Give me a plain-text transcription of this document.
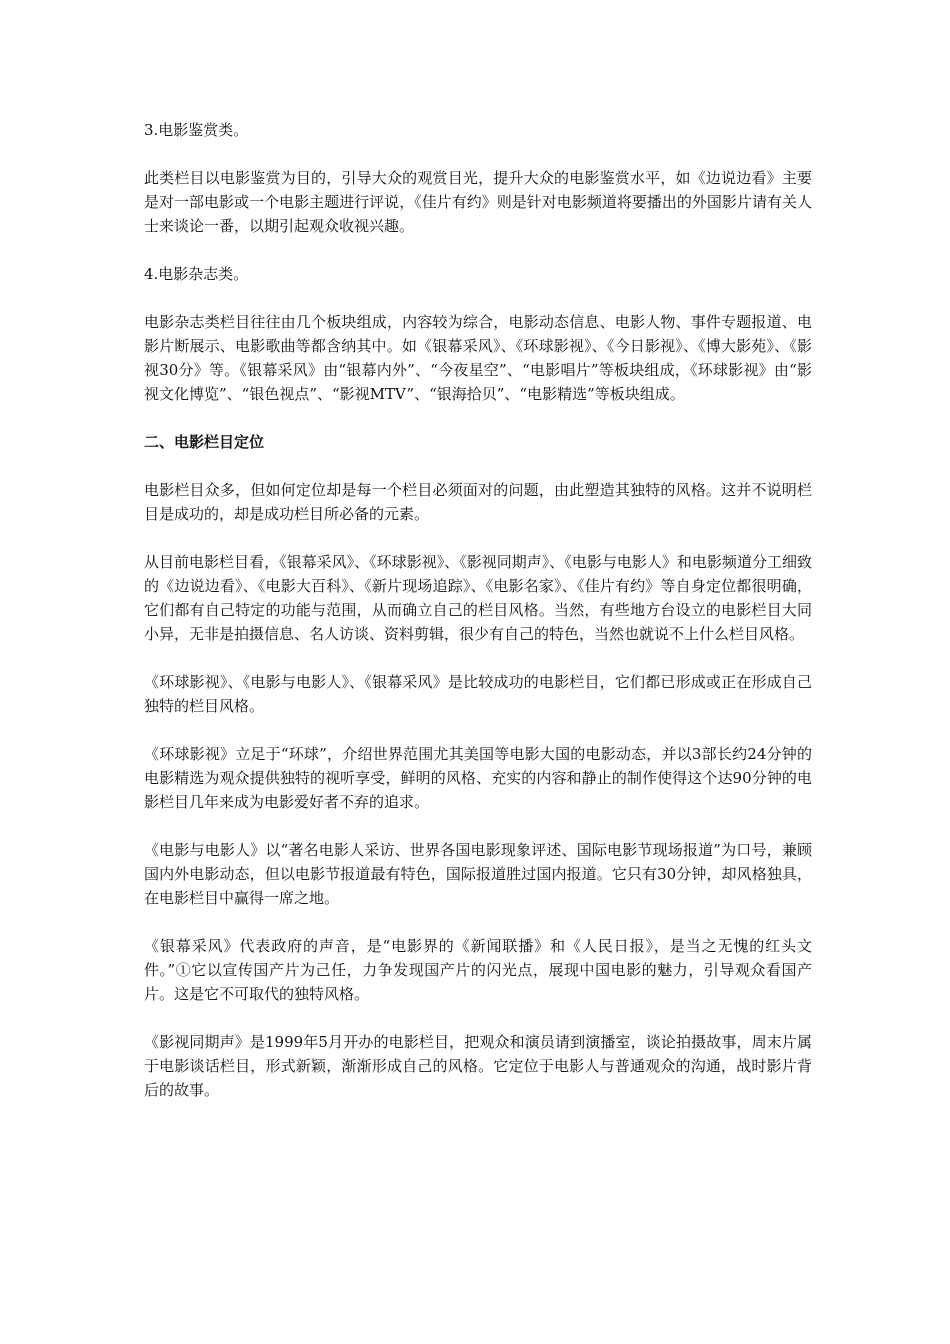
3.电影鉴赏类。

此类栏目以电影鉴赏为目的，引导大众的观赏目光，提升大众的电影鉴赏水平，如《边说边看》主要是对一部电影或一个电影主题进行评说，《佳片有约》则是针对电影频道将要播出的外国影片请有关人士来谈论一番，以期引起观众收视兴趣。

4.电影杂志类。

电影杂志类栏目往往由几个板块组成，内容较为综合，电影动态信息、电影人物、事件专题报道、电影片断展示、电影歌曲等都含纳其中。如《银幕采风》、《环球影视》、《今日影视》、《博大影苑》、《影视30分》等。《银幕采风》由“银幕内外”、“今夜星空”、“电影唱片”等板块组成，《环球影视》由“影视文化博览”、“银色视点”、“影视MTV”、“银海拾贝”、“电影精选”等板块组成。

二、电影栏目定位

电影栏目众多，但如何定位却是每一个栏目必须面对的问题，由此塑造其独特的风格。这并不说明栏目是成功的，却是成功栏目所必备的元素。

从目前电影栏目看，《银幕采风》、《环球影视》、《影视同期声》、《电影与电影人》和电影频道分工细致的《边说边看》、《电影大百科》、《新片现场追踪》、《电影名家》、《佳片有约》等自身定位都很明确，它们都有自己特定的功能与范围，从而确立自己的栏目风格。当然，有些地方台设立的电影栏目大同小异，无非是拍摄信息、名人访谈、资料剪辑，很少有自己的特色，当然也就说不上什么栏目风格。

《环球影视》、《电影与电影人》、《银幕采风》是比较成功的电影栏目，它们都已形成或正在形成自己独特的栏目风格。

《环球影视》立足于“环球”，介绍世界范围尤其美国等电影大国的电影动态，并以3部长约24分钟的电影精选为观众提供独特的视听享受，鲜明的风格、充实的内容和静止的制作使得这个达90分钟的电影栏目几年来成为电影爱好者不弃的追求。

《电影与电影人》以“著名电影人采访、世界各国电影现象评述、国际电影节现场报道”为口号，兼顾国内外电影动态，但以电影节报道最有特色，国际报道胜过国内报道。它只有30分钟，却风格独具，在电影栏目中赢得一席之地。

《银幕采风》代表政府的声音，是“电影界的《新闻联播》和《人民日报》，是当之无愧的红头文件。”①它以宣传国产片为己任，力争发现国产片的闪光点，展现中国电影的魅力，引导观众看国产片。这是它不可取代的独特风格。

《影视同期声》是1999年5月开办的电影栏目，把观众和演员请到演播室，谈论拍摄故事，周末片属于电影谈话栏目，形式新颖，渐渐形成自己的风格。它定位于电影人与普通观众的沟通，战时影片背后的故事。
